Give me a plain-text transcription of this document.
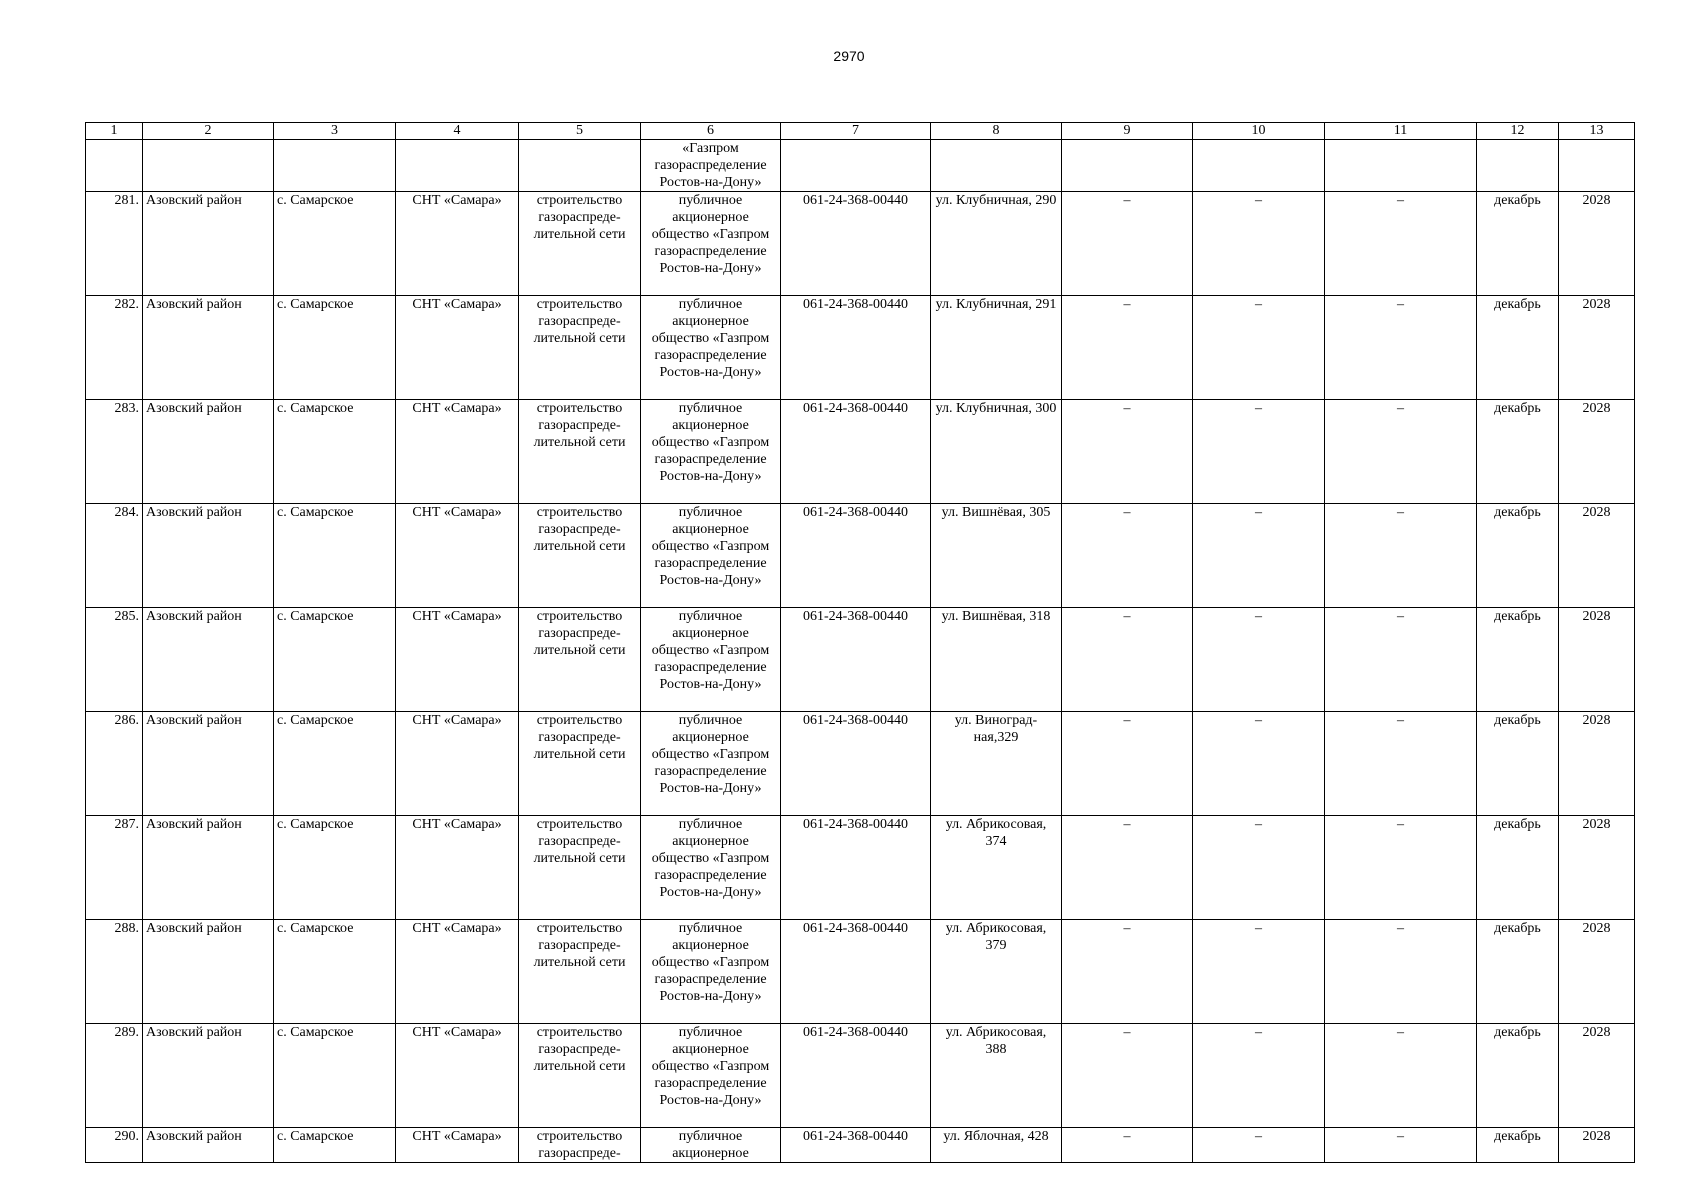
2970
1	2	3	4	5	6	7	8	9	10	11	12	13
					«Газпром газораспределение Ростов-на-Дону»							
281.	Азовский район	с. Самарское	СНТ «Самара»	строительство газораспреде-лительной сети	публичное акционерное общество «Газпром газораспределение Ростов-на-Дону»	061-24-368-00440	ул. Клубничная, 290	–	–	–	декабрь	2028
282.	Азовский район	с. Самарское	СНТ «Самара»	строительство газораспреде-лительной сети	публичное акционерное общество «Газпром газораспределение Ростов-на-Дону»	061-24-368-00440	ул. Клубничная, 291	–	–	–	декабрь	2028
283.	Азовский район	с. Самарское	СНТ «Самара»	строительство газораспреде-лительной сети	публичное акционерное общество «Газпром газораспределение Ростов-на-Дону»	061-24-368-00440	ул. Клубничная, 300	–	–	–	декабрь	2028
284.	Азовский район	с. Самарское	СНТ «Самара»	строительство газораспреде-лительной сети	публичное акционерное общество «Газпром газораспределение Ростов-на-Дону»	061-24-368-00440	ул. Вишнёвая, 305	–	–	–	декабрь	2028
285.	Азовский район	с. Самарское	СНТ «Самара»	строительство газораспреде-лительной сети	публичное акционерное общество «Газпром газораспределение Ростов-на-Дону»	061-24-368-00440	ул. Вишнёвая, 318	–	–	–	декабрь	2028
286.	Азовский район	с. Самарское	СНТ «Самара»	строительство газораспреде-лительной сети	публичное акционерное общество «Газпром газораспределение Ростов-на-Дону»	061-24-368-00440	ул. Виноград-ная,329	–	–	–	декабрь	2028
287.	Азовский район	с. Самарское	СНТ «Самара»	строительство газораспреде-лительной сети	публичное акционерное общество «Газпром газораспределение Ростов-на-Дону»	061-24-368-00440	ул. Абрикосовая, 374	–	–	–	декабрь	2028
288.	Азовский район	с. Самарское	СНТ «Самара»	строительство газораспреде-лительной сети	публичное акционерное общество «Газпром газораспределение Ростов-на-Дону»	061-24-368-00440	ул. Абрикосовая, 379	–	–	–	декабрь	2028
289.	Азовский район	с. Самарское	СНТ «Самара»	строительство газораспреде-лительной сети	публичное акционерное общество «Газпром газораспределение Ростов-на-Дону»	061-24-368-00440	ул. Абрикосовая, 388	–	–	–	декабрь	2028
290.	Азовский район	с. Самарское	СНТ «Самара»	строительство газораспреде-	публичное акционерное	061-24-368-00440	ул. Яблочная, 428	–	–	–	декабрь	2028
